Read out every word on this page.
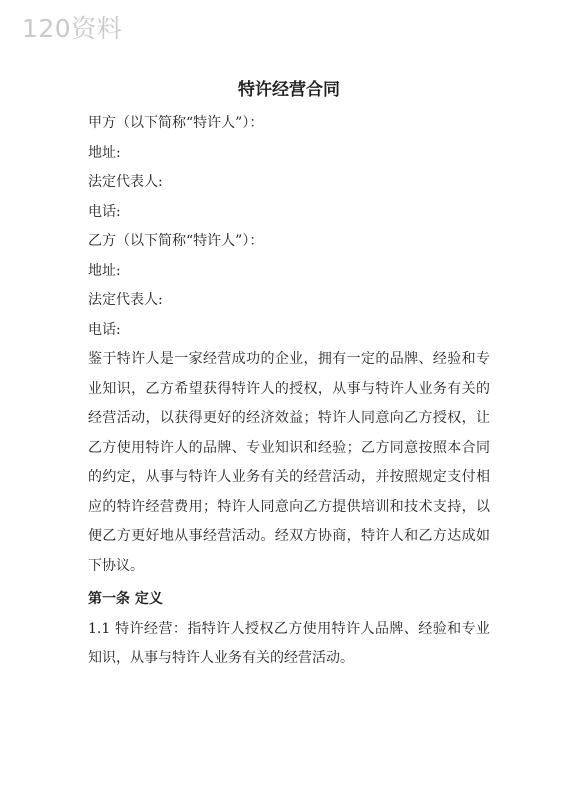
120资料
特许经营合同

甲方（以下简称“特许人”）：

地址:

法定代表人:

电话:

乙方（以下简称“特许人”）：

地址:

法定代表人:

电话:

鉴于特许人是一家经营成功的企业，拥有一定的品牌、经验和专业知识，乙方希望获得特许人的授权，从事与特许人业务有关的经营活动，以获得更好的经济效益；特许人同意向乙方授权，让乙方使用特许人的品牌、专业知识和经验；乙方同意按照本合同的约定，从事与特许人业务有关的经营活动，并按照规定支付相应的特许经营费用；特许人同意向乙方提供培训和技术支持，以便乙方更好地从事经营活动。经双方协商，特许人和乙方达成如下协议。

第一条 定义

1.1 特许经营：指特许人授权乙方使用特许人品牌、经验和专业知识，从事与特许人业务有关的经营活动。
